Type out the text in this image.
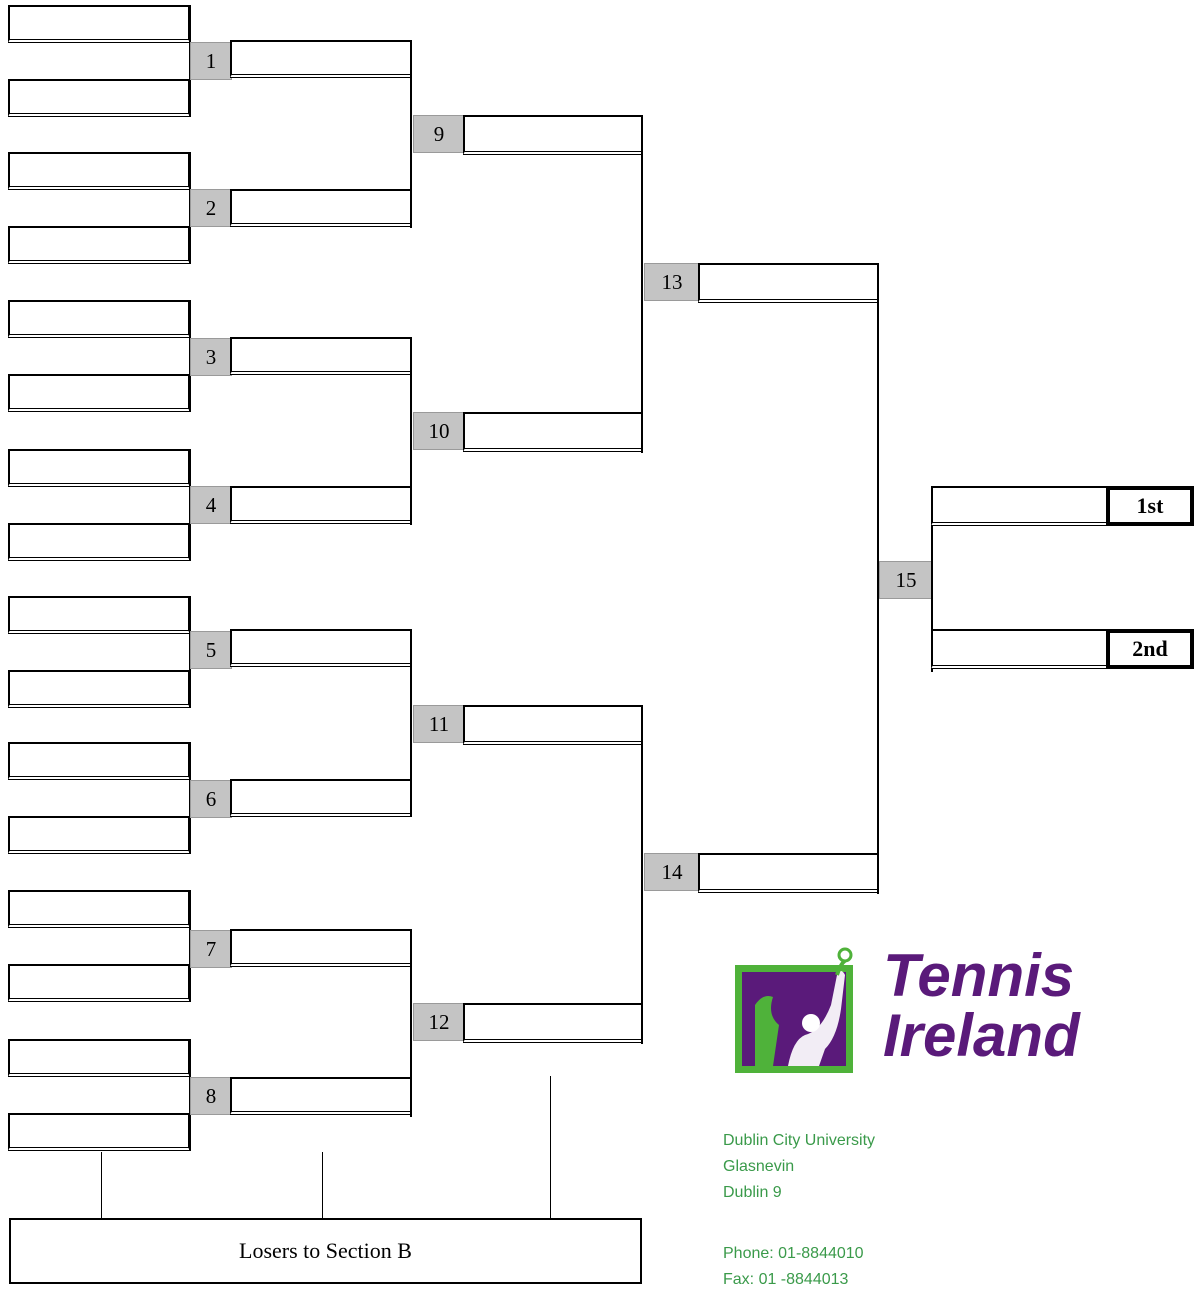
1
2
3
4
5
6
7
8
9
10
11
12
13
14
15
1st
2nd
Losers to Section B
Tennis
Ireland
Dublin City University
Glasnevin
Dublin 9
Phone: 01-8844010
Fax: 01 -8844013
